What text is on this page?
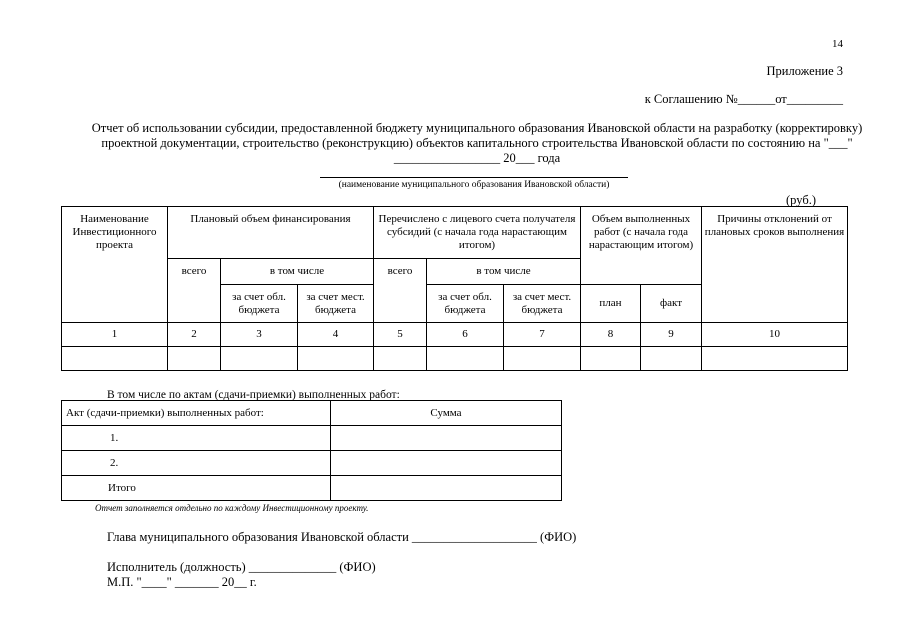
14
Приложение 3
к Соглашению №______от_________
Отчет об использовании субсидии, предоставленной бюджету муниципального образования Ивановской области на разработку (корректировку) проектной документации, строительство (реконструкцию) объектов капитального строительства Ивановской области по состоянию на "___" _________________ 20___ года
(наименование муниципального образования Ивановской области)
(руб.)
Наименование Инвестиционного проекта	Плановый объем финансирования			Перечислено с лицевого счета получателя субсидий (с начала года нарастающим итогом)			Объем выполненных работ (с начала года нарастающим итогом)		Причины отклонений от плановых сроков выполнения
	всего	в том числе		всего	в том числе				
		за счет обл. бюджета	за счет мест. бюджета		за счет обл. бюджета	за счет мест. бюджета	план	факт	
1	2	3	4	5	6	7	8	9	10

В том числе по актам (сдачи-приемки) выполненных работ:
Акт (сдачи-приемки) выполненных работ:	Сумма
1.	
2.	
Итого	
Отчет заполняется отдельно по каждому Инвестиционному проекту.
Глава муниципального образования Ивановской области ____________________ (ФИО)
Исполнитель (должность) ______________ (ФИО)
М.П. "____" _______ 20__ г.
